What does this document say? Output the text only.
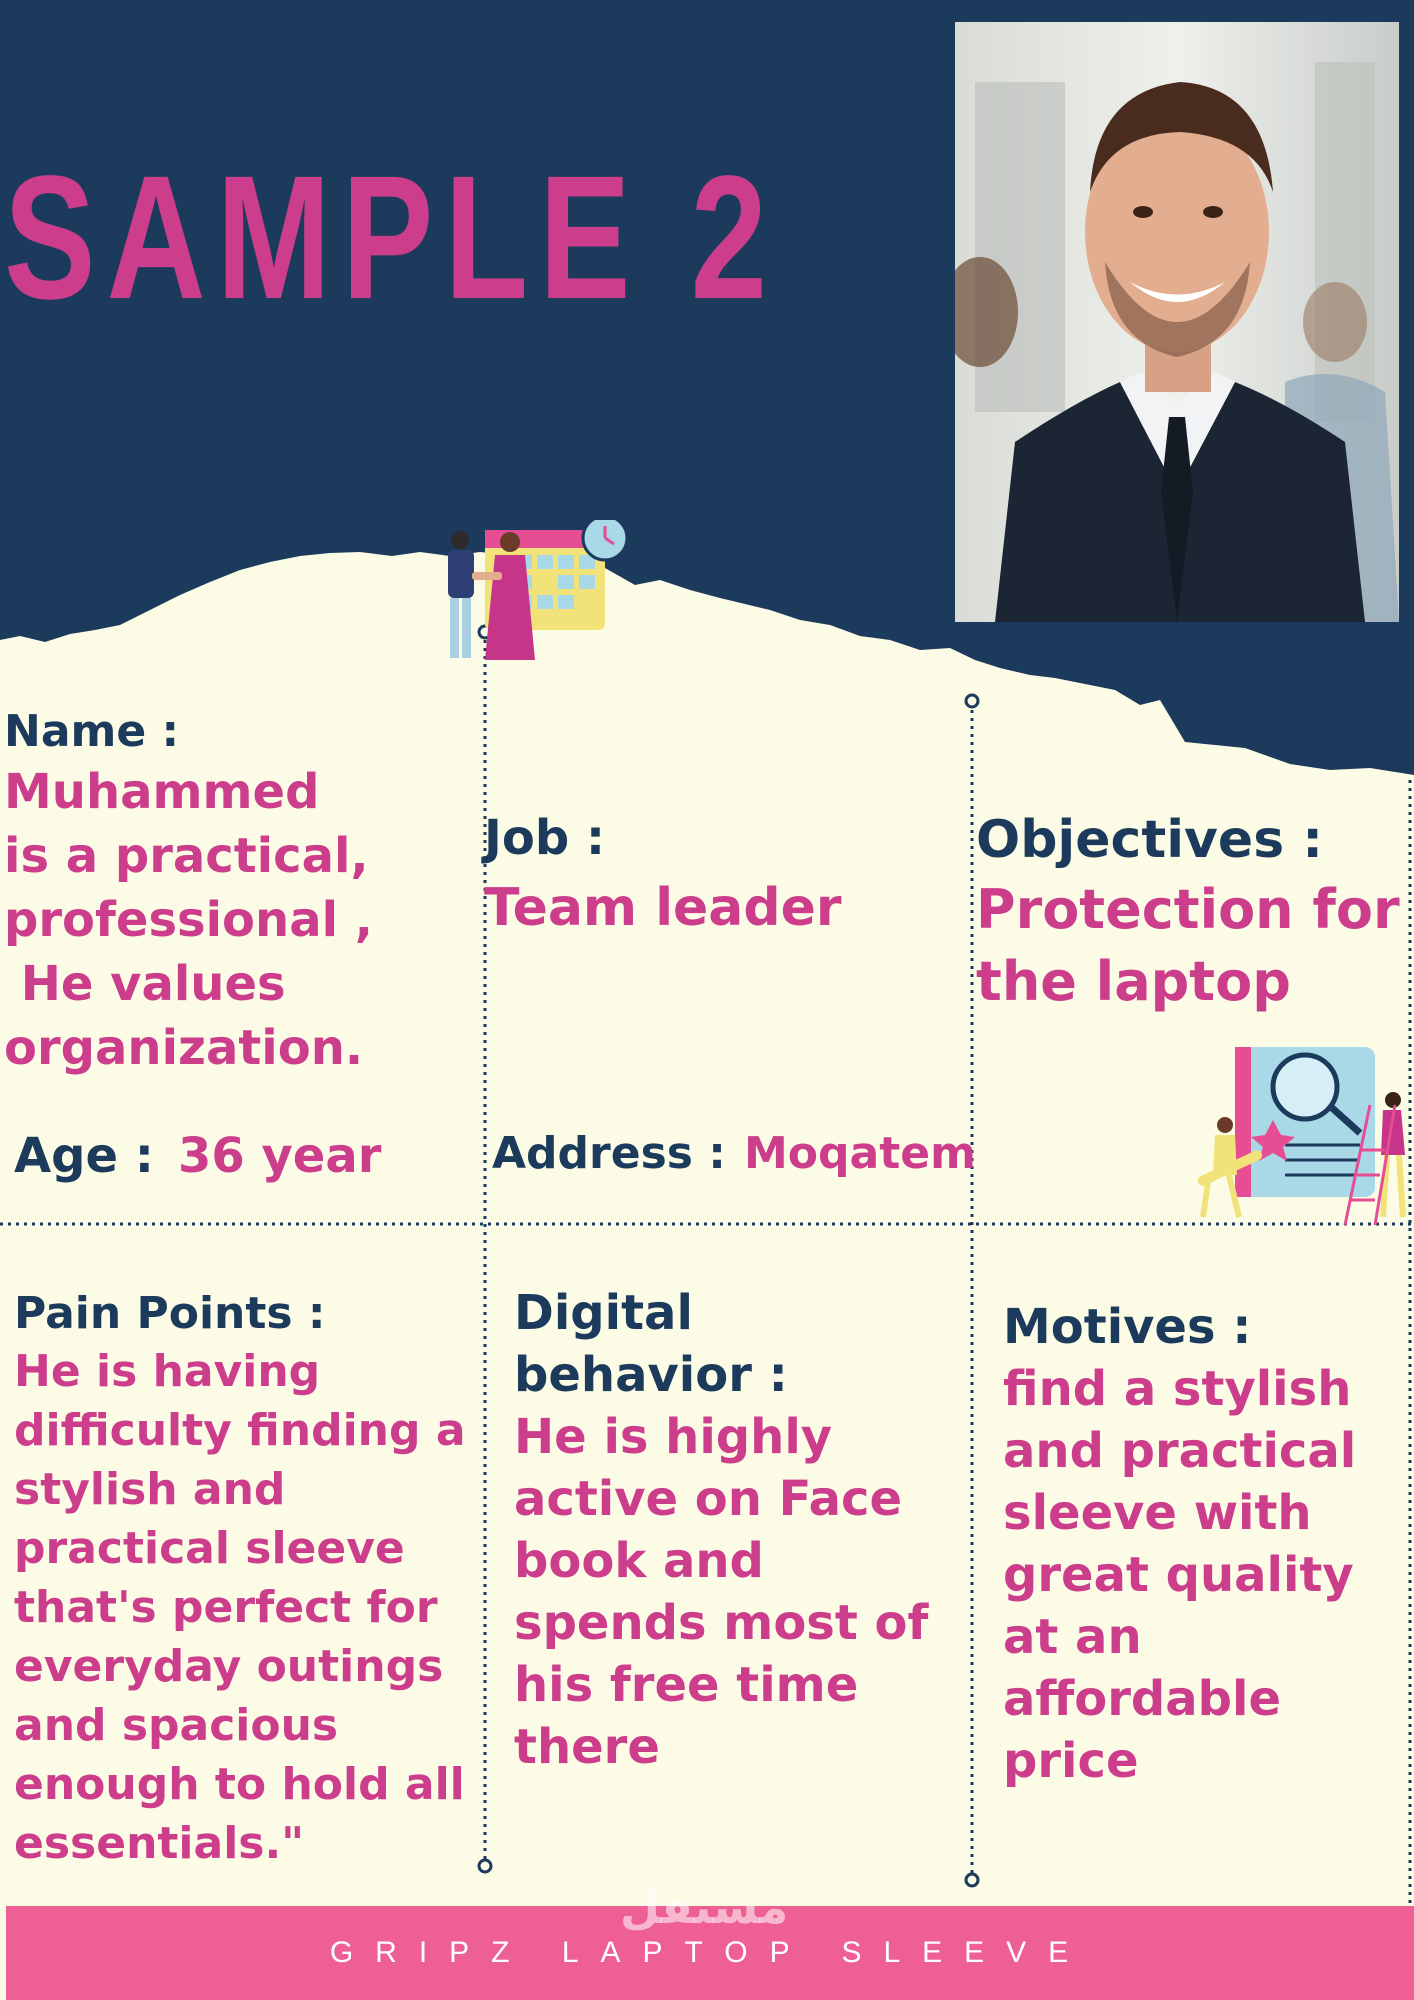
SAMPLE 2

Name :

Muhammed

is a practical,

professional ,

He values

organization.

Job :

Team leader

Objectives :

Protection for

the laptop

Age : 36 year	Address : Moqatem

Pain Points :

He is having

difficulty finding a

stylish and

practical sleeve

that's perfect for

everyday outings

and spacious

enough to hold all

essentials."

Digital

behavior :

He is highly

active on Face

book and

spends most of

his free time

there

Motives :

find a stylish

and practical

sleeve with

great quality

at an

affordable

price

GRIPZ LAPTOP SLEEVE
مستقل
